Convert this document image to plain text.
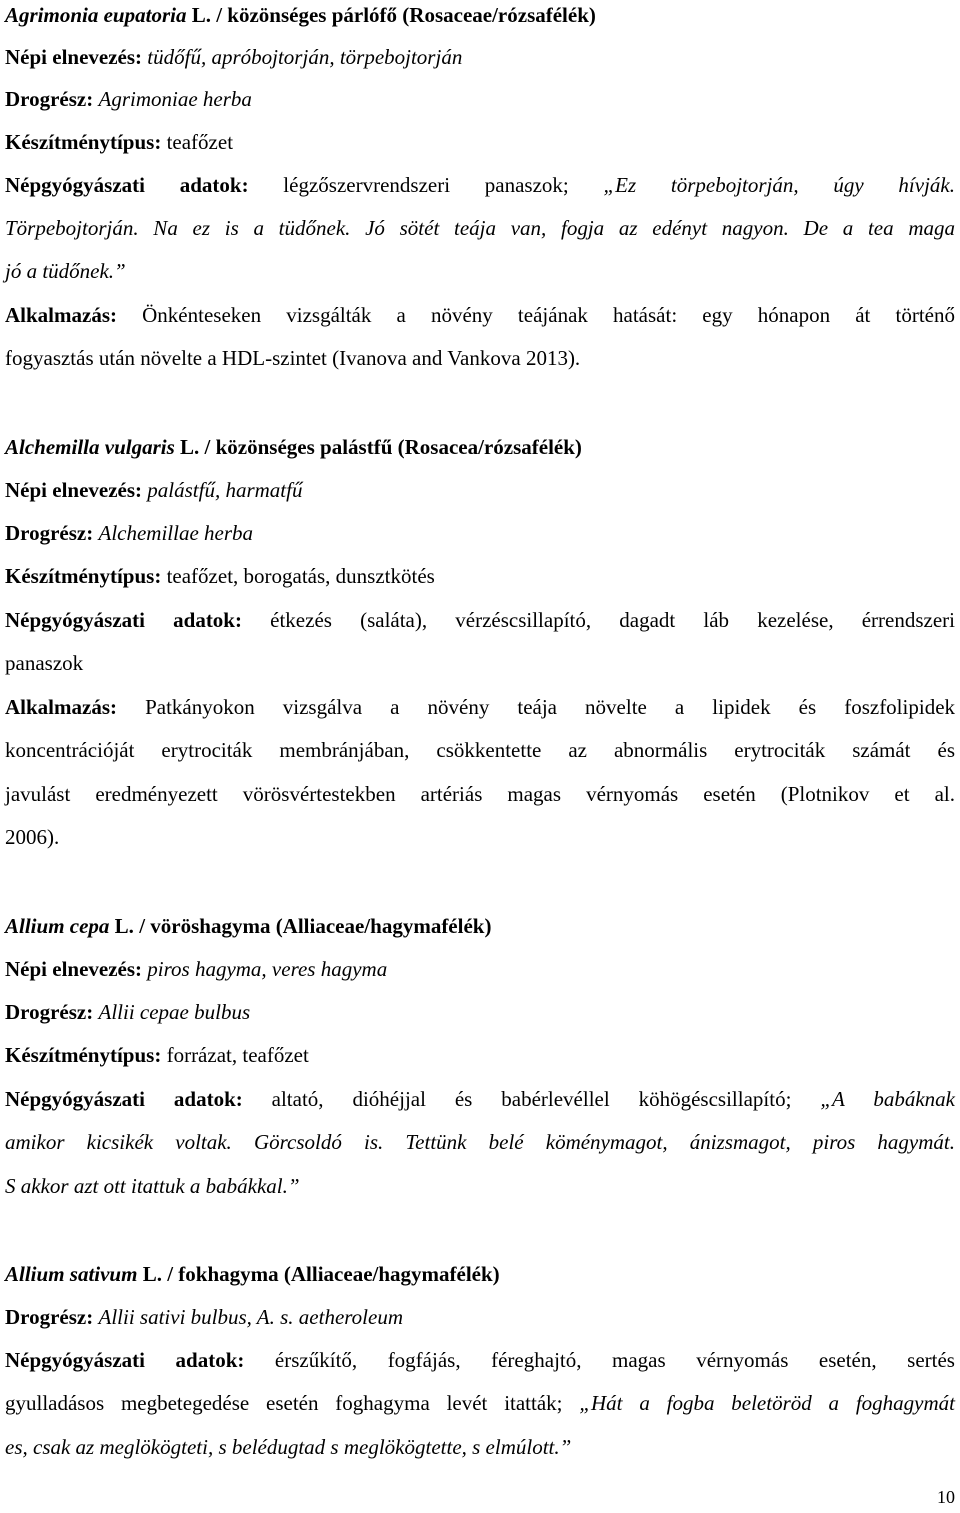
Agrimonia eupatoria L. / közönséges párlófő (Rosaceae/rózsafélék)
Népi elnevezés: tüdőfű, apróbojtorján, törpebojtorján
Drogrész: Agrimoniae herba
Készítménytípus: teafőzet
Népgyógyászati adatok: légzőszervrendszeri panaszok; „Ez törpebojtorján, úgy hívják.
Törpebojtorján. Na ez is a tüdőnek. Jó sötét teája van, fogja az edényt nagyon. De a tea maga
jó a tüdőnek.”
Alkalmazás: Önkénteseken vizsgálták a növény teájának hatását: egy hónapon át történő
fogyasztás után növelte a HDL-szintet (Ivanova and Vankova 2013).
Alchemilla vulgaris L. / közönséges palástfű (Rosacea/rózsafélék)
Népi elnevezés: palástfű, harmatfű
Drogrész: Alchemillae herba
Készítménytípus: teafőzet, borogatás, dunsztkötés
Népgyógyászati adatok: étkezés (saláta), vérzéscsillapító, dagadt láb kezelése, érrendszeri
panaszok
Alkalmazás: Patkányokon vizsgálva a növény teája növelte a lipidek és foszfolipidek
koncentrációját erytrociták membránjában, csökkentette az abnormális erytrociták számát és
javulást eredményezett vörösvértestekben artériás magas vérnyomás esetén (Plotnikov et al.
2006).
Allium cepa L. / vöröshagyma (Alliaceae/hagymafélék)
Népi elnevezés: piros hagyma, veres hagyma
Drogrész: Allii cepae bulbus
Készítménytípus: forrázat, teafőzet
Népgyógyászati adatok: altató, dióhéjjal és babérlevéllel köhögéscsillapító; „A babáknak
amikor kicsikék voltak. Görcsoldó is. Tettünk belé köménymagot, ánizsmagot, piros hagymát.
S akkor azt ott itattuk a babákkal.”
Allium sativum L. / fokhagyma (Alliaceae/hagymafélék)
Drogrész: Allii sativi bulbus, A. s. aetheroleum
Népgyógyászati adatok: érszűkítő, fogfájás, féreghajtó, magas vérnyomás esetén, sertés
gyulladásos megbetegedése esetén foghagyma levét itatták; „Hát a fogba beletöröd a foghagymát
es, csak az meglökögteti, s belédugtad s meglökögtette, s elmúlott.”
10
